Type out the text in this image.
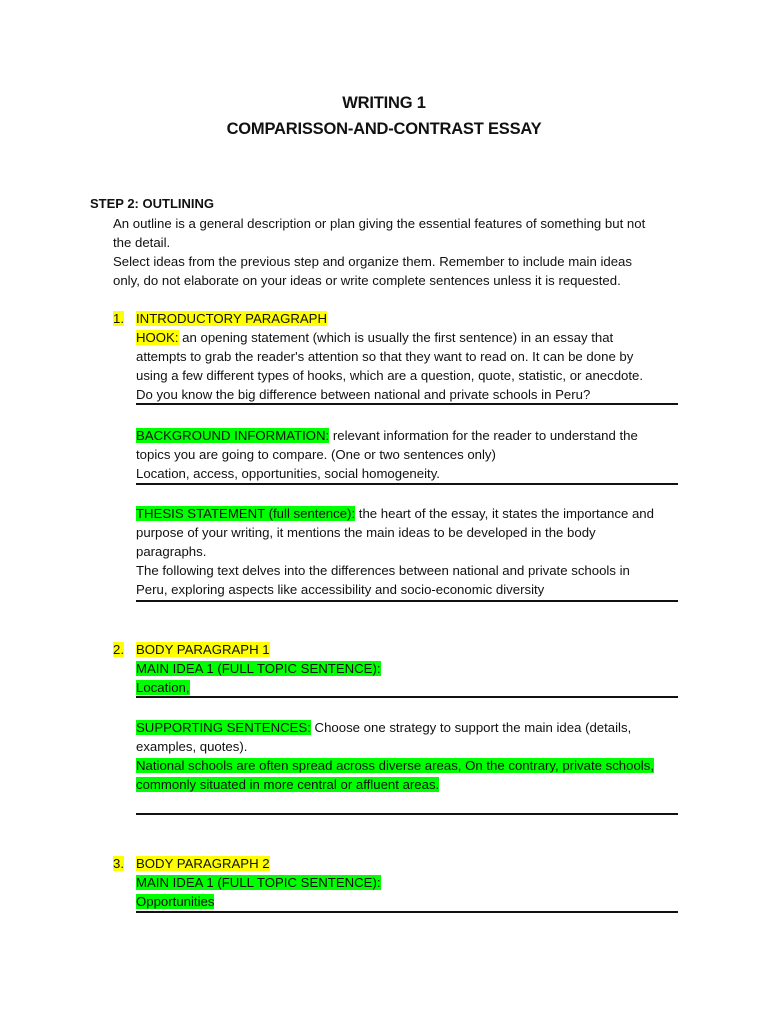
WRITING 1
COMPARISSON-AND-CONTRAST ESSAY
STEP 2: OUTLINING
An outline is a general description or plan giving the essential features of something but not
the detail.
Select ideas from the previous step and organize them. Remember to include main ideas
only, do not elaborate on your ideas or write complete sentences unless it is requested.
1. INTRODUCTORY PARAGRAPH
HOOK: an opening statement (which is usually the first sentence) in an essay that
attempts to grab the reader's attention so that they want to read on. It can be done by
using a few different types of hooks, which are a question, quote, statistic, or anecdote.
Do you know the big difference between national and private schools in Peru?
BACKGROUND INFORMATION: relevant information for the reader to understand the
topics you are going to compare. (One or two sentences only)
Location, access, opportunities, social homogeneity.
THESIS STATEMENT (full sentence): the heart of the essay, it states the importance and
purpose of your writing, it mentions the main ideas to be developed in the body
paragraphs.
The following text delves into the differences between national and private schools in
Peru, exploring aspects like accessibility and socio-economic diversity
2. BODY PARAGRAPH 1
MAIN IDEA 1 (FULL TOPIC SENTENCE):
Location,
SUPPORTING SENTENCES: Choose one strategy to support the main idea (details,
examples, quotes).
National schools are often spread across diverse areas, On the contrary, private schools,
commonly situated in more central or affluent areas.
3. BODY PARAGRAPH 2
MAIN IDEA 1 (FULL TOPIC SENTENCE):
Opportunities
